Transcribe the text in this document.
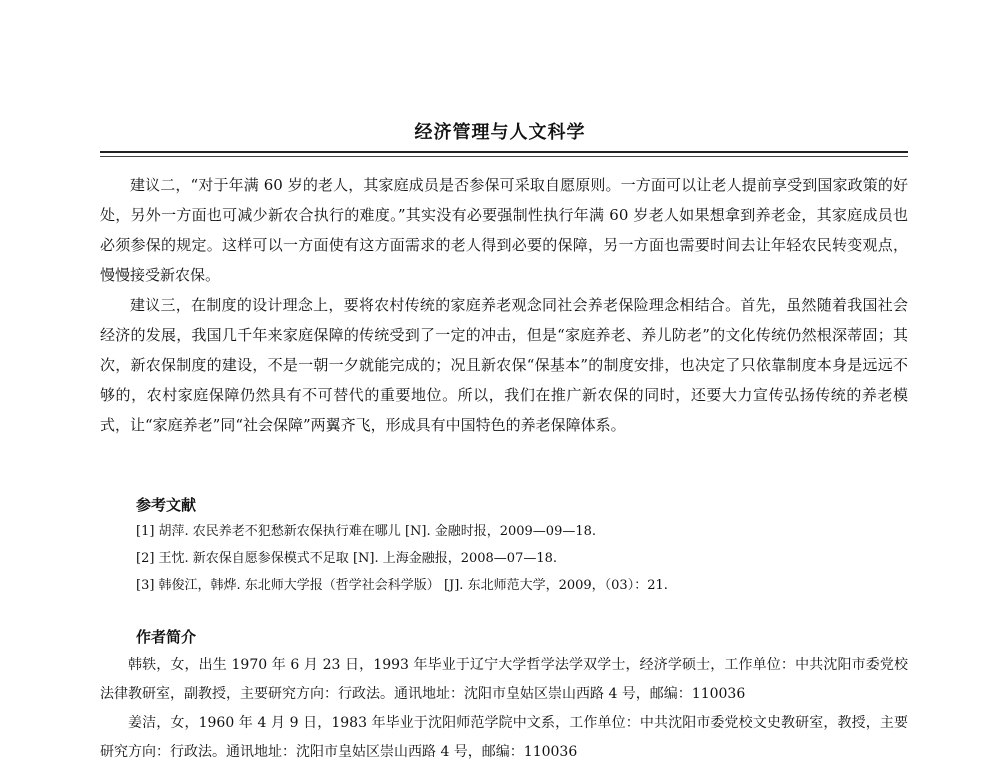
经济管理与人文科学

建议二，“对于年满 60 岁的老人，其家庭成员是否参保可采取自愿原则。一方面可以让老人提前享受到国家政策的好处，另外一方面也可减少新农合执行的难度。”其实没有必要强制性执行年满 60 岁老人如果想拿到养老金，其家庭成员也必须参保的规定。这样可以一方面使有这方面需求的老人得到必要的保障，另一方面也需要时间去让年轻农民转变观点，慢慢接受新农保。

建议三，在制度的设计理念上，要将农村传统的家庭养老观念同社会养老保险理念相结合。首先，虽然随着我国社会经济的发展，我国几千年来家庭保障的传统受到了一定的冲击，但是“家庭养老、养儿防老”的文化传统仍然根深蒂固；其次，新农保制度的建设，不是一朝一夕就能完成的；况且新农保“保基本”的制度安排，也决定了只依靠制度本身是远远不够的，农村家庭保障仍然具有不可替代的重要地位。所以，我们在推广新农保的同时，还要大力宣传弘扬传统的养老模式，让“家庭养老”同“社会保障”两翼齐飞，形成具有中国特色的养老保障体系。

参考文献
[1] 胡萍. 农民养老不犯愁新农保执行难在哪儿 [N]. 金融时报，2009—09—18.
[2] 王忱. 新农保自愿参保模式不足取 [N]. 上海金融报，2008—07—18.
[3] 韩俊江，韩烨. 东北师大学报（哲学社会科学版） [J]. 东北师范大学，2009，（03）：21.
作者简介

韩轶，女，出生 1970 年 6 月 23 日，1993 年毕业于辽宁大学哲学法学双学士，经济学硕士，工作单位：中共沈阳市委党校法律教研室，副教授，主要研究方向：行政法。通讯地址：沈阳市皇姑区崇山西路 4 号，邮编：110036

姜洁，女，1960 年 4 月 9 日，1983 年毕业于沈阳师范学院中文系，工作单位：中共沈阳市委党校文史教研室，教授，主要研究方向：行政法。通讯地址：沈阳市皇姑区崇山西路 4 号，邮编：110036
